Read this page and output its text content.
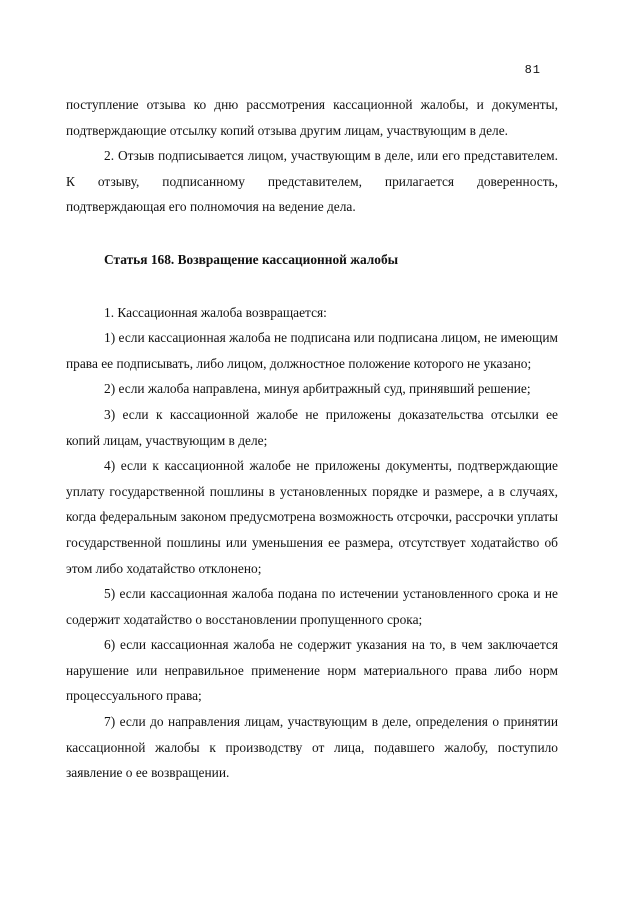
81

поступление отзыва ко дню рассмотрения кассационной жалобы, и документы, подтверждающие отсылку копий отзыва другим лицам, участвующим в деле.

2. Отзыв подписывается лицом, участвующим в деле, или его представителем. К отзыву, подписанному представителем, прилагается доверенность, подтверждающая его полномочия на ведение дела.

Статья 168. Возвращение кассационной жалобы

1. Кассационная жалоба возвращается:

1) если кассационная жалоба не подписана или подписана лицом, не имеющим права ее подписывать, либо лицом, должностное положение которого не указано;

2) если жалоба направлена, минуя арбитражный суд, принявший решение;

3) если к кассационной жалобе не приложены доказательства отсылки ее копий лицам, участвующим в деле;

4) если к кассационной жалобе не приложены документы, подтверждающие уплату государственной пошлины в установленных порядке и размере, а в случаях, когда федеральным законом предусмотрена возможность отсрочки, рассрочки уплаты государственной пошлины или уменьшения ее размера, отсутствует ходатайство об этом либо ходатайство отклонено;

5) если кассационная жалоба подана по истечении установленного срока и не содержит ходатайство о восстановлении пропущенного срока;

6) если кассационная жалоба не содержит указания на то, в чем заключается нарушение или неправильное применение норм материального права либо норм процессуального права;

7) если до направления лицам, участвующим в деле, определения о принятии кассационной жалобы к производству от лица, подавшего жалобу, поступило заявление о ее возвращении.
